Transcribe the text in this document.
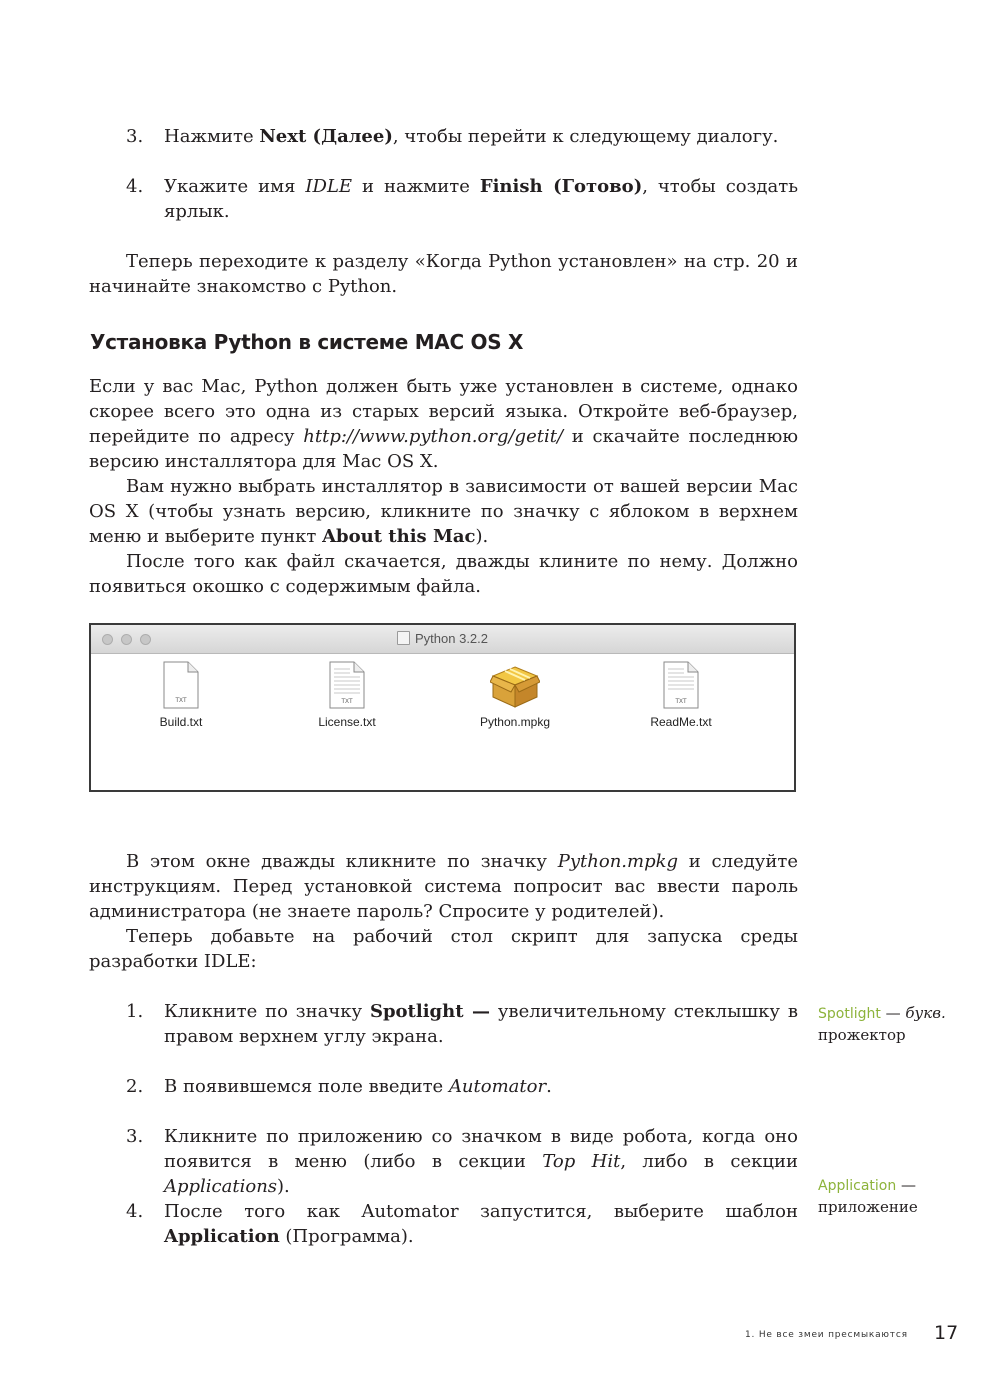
3. Нажмите Next (Далее), чтобы перейти к следующему диалогу.

4. Укажите имя IDLE и нажмите Finish (Готово), чтобы создать ярлык.

Теперь переходите к разделу «Когда Python установлен» на стр. 20 и начинайте знакомство с Python.

Установка Python в системе MAC OS X

Если у вас Mac, Python должен быть уже установлен в системе, однако скорее всего это одна из старых версий языка. Откройте веб-браузер, перейдите по адресу http://www.python.org/getit/ и скачайте последнюю версию инсталлятора для Mac OS X.

Вам нужно выбрать инсталлятор в зависимости от вашей версии Mac OS X (чтобы узнать версию, кликните по значку с яблоком в верхнем меню и выберите пункт About this Mac).

После того как файл скачается, дважды клините по нему. Должно появиться окошко с содержимым файла.

Python 3.2.2
TXT
Build.txt
TXT
License.txt	Python.mpkg
TXT
ReadMe.txt

В этом окне дважды кликните по значку Python.mpkg и следуйте инструкциям. Перед установкой система попросит вас ввести пароль администратора (не знаете пароль? Спросите у родителей).

Теперь добавьте на рабочий стол скрипт для запуска среды разработки IDLE:

1. Кликните по значку Spotlight — увеличительному стеклышку в правом верхнем углу экрана.

2. В появившемся поле введите Automator.

3. Кликните по приложению со значком в виде робота, когда оно появится в меню (либо в секции Top Hit, либо в секции Applications).

4. После того как Automator запустится, выберите шаблон Application (Программа).

Spotlight — букв.
прожектор
Application —
приложение
1. Не все змеи пресмыкаются 17
